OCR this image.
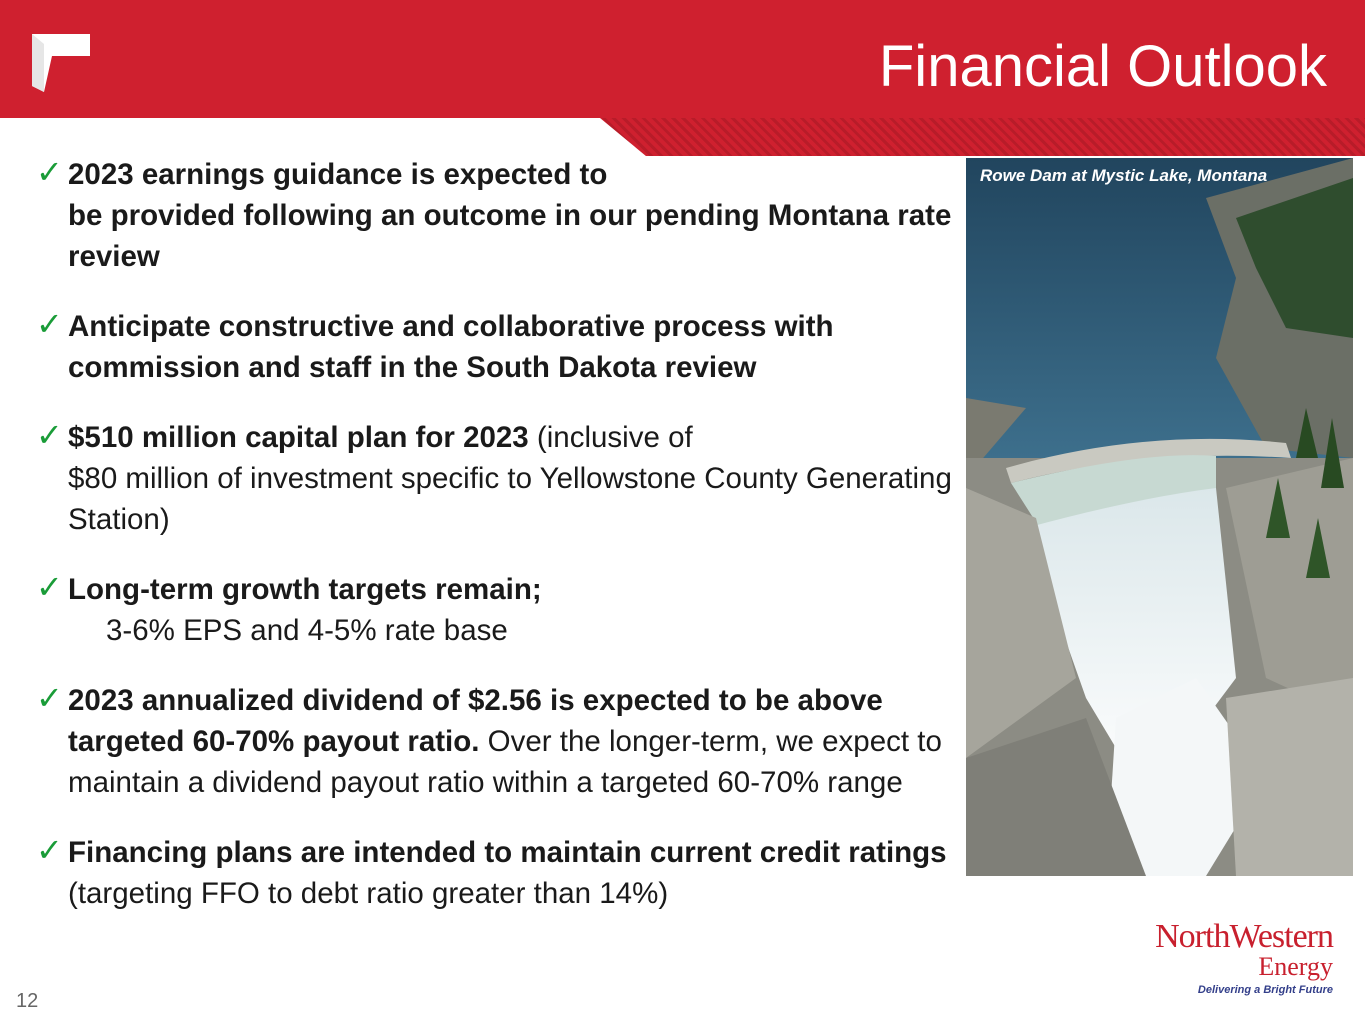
Financial Outlook
✓ 2023 earnings guidance is expected to
be provided following an outcome in our pending Montana rate review
✓ Anticipate constructive and collaborative process with commission and staff in the South Dakota review
✓ $510 million capital plan for 2023 (inclusive of
$80 million of investment specific to Yellowstone County Generating Station)
✓ Long-term growth targets remain;
3-6% EPS and 4-5% rate base
✓ 2023 annualized dividend of $2.56 is expected to be above targeted 60-70% payout ratio. Over the longer-term, we expect to maintain a dividend payout ratio within a targeted 60-70% range
✓ Financing plans are intended to maintain current credit ratings (targeting FFO to debt ratio greater than 14%)
Rowe Dam at Mystic Lake, Montana
NorthWestern
Energy
Delivering a Bright Future
12
